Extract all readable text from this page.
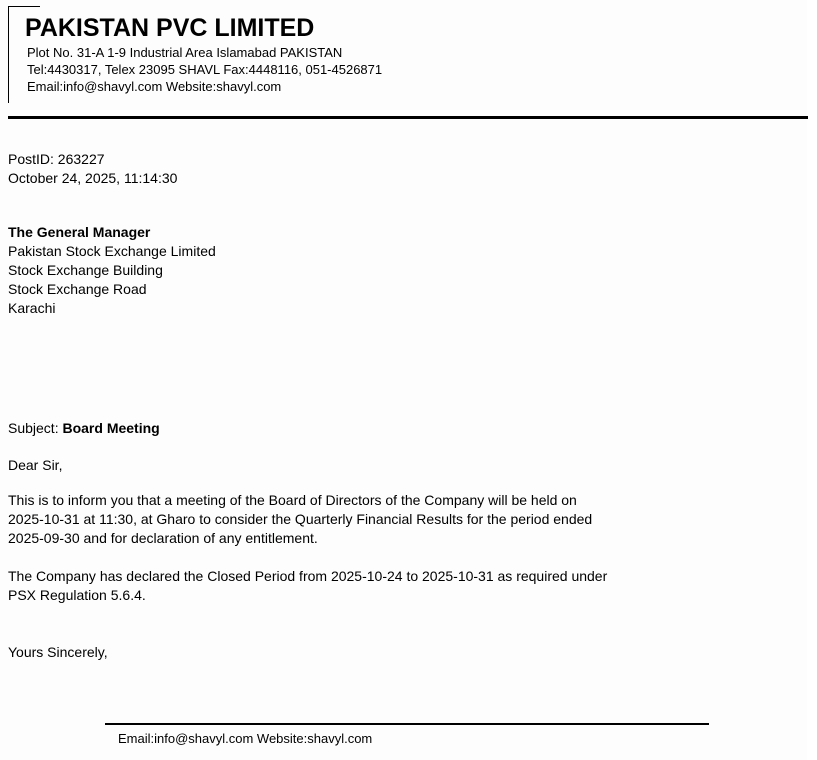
PAKISTAN PVC LIMITED
Plot No. 31-A 1-9 Industrial Area Islamabad PAKISTAN
Tel:4430317, Telex 23095 SHAVL Fax:4448116, 051-4526871
Email:info@shavyl.com Website:shavyl.com
PostID: 263227
October 24, 2025, 11:14:30
The General Manager
Pakistan Stock Exchange Limited
Stock Exchange Building
Stock Exchange Road
Karachi
Subject: Board Meeting
Dear Sir,
This is to inform you that a meeting of the Board of Directors of the Company will be held on
2025-10-31 at 11:30, at Gharo to consider the Quarterly Financial Results for the period ended
2025-09-30 and for declaration of any entitlement.
The Company has declared the Closed Period from 2025-10-24 to 2025-10-31 as required under
PSX Regulation 5.6.4.
Yours Sincerely,
Email:info@shavyl.com Website:shavyl.com
